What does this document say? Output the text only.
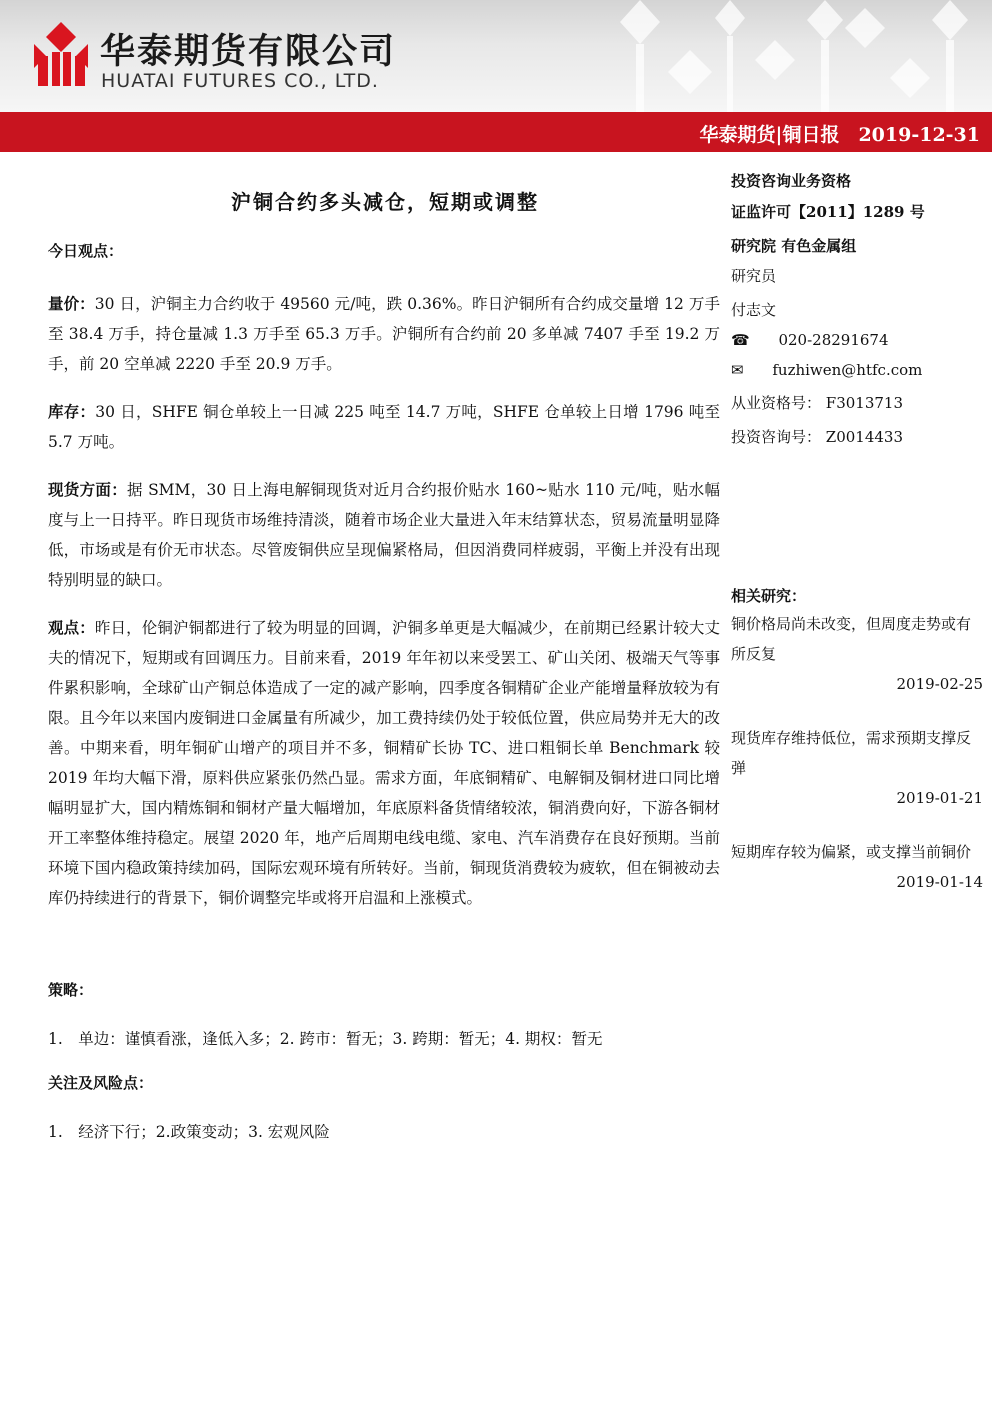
华泰期货有限公司
HUATAI FUTURES CO., LTD.
华泰期货|铜日报　2019-12-31
沪铜合约多头减仓，短期或调整
投资咨询业务资格
证监许可【2011】1289 号
研究院 有色金属组
研究员
付志文
☎ 020-28291674
✉ fuzhiwen@htfc.com
从业资格号： F3013713
投资咨询号： Z0014433
相关研究：
铜价格局尚未改变，但周度走势或有所反复
2019-02-25
现货库存维持低位，需求预期支撑反弹
2019-01-21
短期库存较为偏紧，或支撑当前铜价
2019-01-14
今日观点：

量价：30 日，沪铜主力合约收于 49560 元/吨，跌 0.36%。昨日沪铜所有合约成交量增 12 万手至 38.4 万手，持仓量减 1.3 万手至 65.3 万手。沪铜所有合约前 20 多单减 7407 手至 19.2 万手，前 20 空单减 2220 手至 20.9 万手。

库存：30 日，SHFE 铜仓单较上一日减 225 吨至 14.7 万吨，SHFE 仓单较上日增 1796 吨至 5.7 万吨。

现货方面：据 SMM，30 日上海电解铜现货对近月合约报价贴水 160~贴水 110 元/吨，贴水幅度与上一日持平。昨日现货市场维持清淡，随着市场企业大量进入年末结算状态，贸易流量明显降低，市场或是有价无市状态。尽管废铜供应呈现偏紧格局，但因消费同样疲弱，平衡上并没有出现特别明显的缺口。

观点：昨日，伦铜沪铜都进行了较为明显的回调，沪铜多单更是大幅减少，在前期已经累计较大丈夫的情况下，短期或有回调压力。目前来看，2019 年年初以来受罢工、矿山关闭、极端天气等事件累积影响，全球矿山产铜总体造成了一定的减产影响，四季度各铜精矿企业产能增量释放较为有限。且今年以来国内废铜进口金属量有所减少，加工费持续仍处于较低位置，供应局势并无大的改善。中期来看，明年铜矿山增产的项目并不多，铜精矿长协 TC、进口粗铜长单 Benchmark 较 2019 年均大幅下滑，原料供应紧张仍然凸显。需求方面，年底铜精矿、电解铜及铜材进口同比增幅明显扩大，国内精炼铜和铜材产量大幅增加，年底原料备货情绪较浓，铜消费向好，下游各铜材开工率整体维持稳定。展望 2020 年，地产后周期电线电缆、家电、汽车消费存在良好预期。当前环境下国内稳政策持续加码，国际宏观环境有所转好。当前，铜现货消费较为疲软，但在铜被动去库仍持续进行的背景下，铜价调整完毕或将开启温和上涨模式。

策略：

1.　单边：谨慎看涨，逢低入多；2. 跨市：暂无；3. 跨期：暂无；4. 期权：暂无

关注及风险点：

1.　经济下行；2.政策变动；3. 宏观风险
